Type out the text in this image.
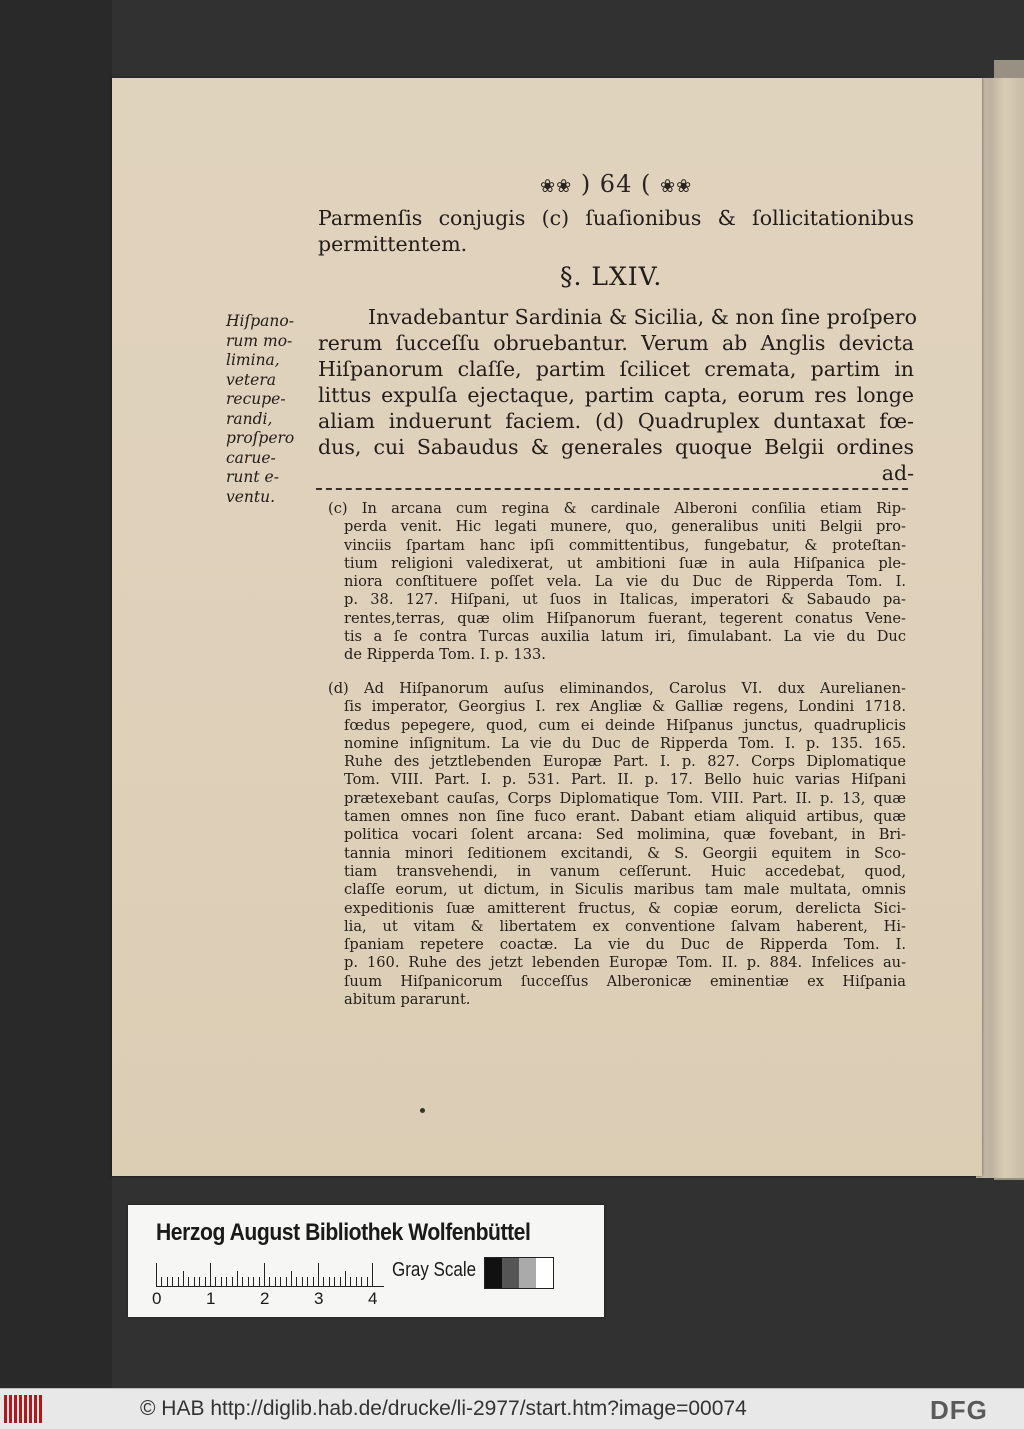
❀❀ ) 64 ( ❀❀
Parmenſis conjugis (c) ſuaſionibus & ſollicitationibus
permittentem.
§. LXIV.
Invadebantur Sardinia & Sicilia, & non ſine proſpero
rerum ſucceſſu obruebantur. Verum ab Anglis devicta
Hiſpanorum claſſe, partim ſcilicet cremata, partim in
littus expulſa ejectaque, partim capta, eorum res longe
aliam induerunt faciem. (d) Quadruplex duntaxat fœ-
dus, cui Sabaudus & generales quoque Belgii ordines
ad-
Hiſpano-
rum mo-
limina,
vetera
recupe-
randi,
proſpero
carue-
runt e-
ventu.
(c) In arcana cum regina & cardinale Alberoni conſilia etiam Rip-
perda venit. Hic legati munere, quo, generalibus uniti Belgii pro-
vinciis ſpartam hanc ipſi committentibus, fungebatur, & proteſtan-
tium religioni valedixerat, ut ambitioni ſuæ in aula Hiſpanica ple-
niora conſtituere poſſet vela. La vie du Duc de Ripperda Tom. I.
p. 38. 127. Hiſpani, ut ſuos in Italicas, imperatori & Sabaudo pa-
rentes,terras, quæ olim Hiſpanorum fuerant, tegerent conatus Vene-
tis a ſe contra Turcas auxilia latum iri, ſimulabant. La vie du Duc
de Ripperda Tom. I. p. 133.
(d) Ad Hiſpanorum auſus eliminandos, Carolus VI. dux Aurelianen-
ſis imperator, Georgius I. rex Angliæ & Galliæ regens, Londini 1718.
fœdus pepegere, quod, cum ei deinde Hiſpanus junctus, quadruplicis
nomine inſignitum. La vie du Duc de Ripperda Tom. I. p. 135. 165.
Ruhe des jetztlebenden Europæ Part. I. p. 827. Corps Diplomatique
Tom. VIII. Part. I. p. 531. Part. II. p. 17. Bello huic varias Hiſpani
prætexebant cauſas, Corps Diplomatique Tom. VIII. Part. II. p. 13, quæ
tamen omnes non ſine fuco erant. Dabant etiam aliquid artibus, quæ
politica vocari ſolent arcana: Sed molimina, quæ fovebant, in Bri-
tannia minori ſeditionem excitandi, & S. Georgii equitem in Sco-
tiam transvehendi, in vanum ceſſerunt. Huic accedebat, quod,
claſſe eorum, ut dictum, in Siculis maribus tam male multata, omnis
expeditionis ſuæ amitterent fructus, & copiæ eorum, derelicta Sici-
lia, ut vitam & libertatem ex conventione ſalvam haberent, Hi-
ſpaniam repetere coactæ. La vie du Duc de Ripperda Tom. I.
p. 160. Ruhe des jetzt lebenden Europæ Tom. II. p. 884. Infelices au-
ſuum Hiſpanicorum ſucceſſus Alberonicæ eminentiæ ex Hiſpania
abitum pararunt.
Herzog August Bibliothek Wolfenbüttel
0	1	2	3	4
Gray Scale
© HAB http://diglib.hab.de/drucke/li-2977/start.htm?image=00074	DFG
